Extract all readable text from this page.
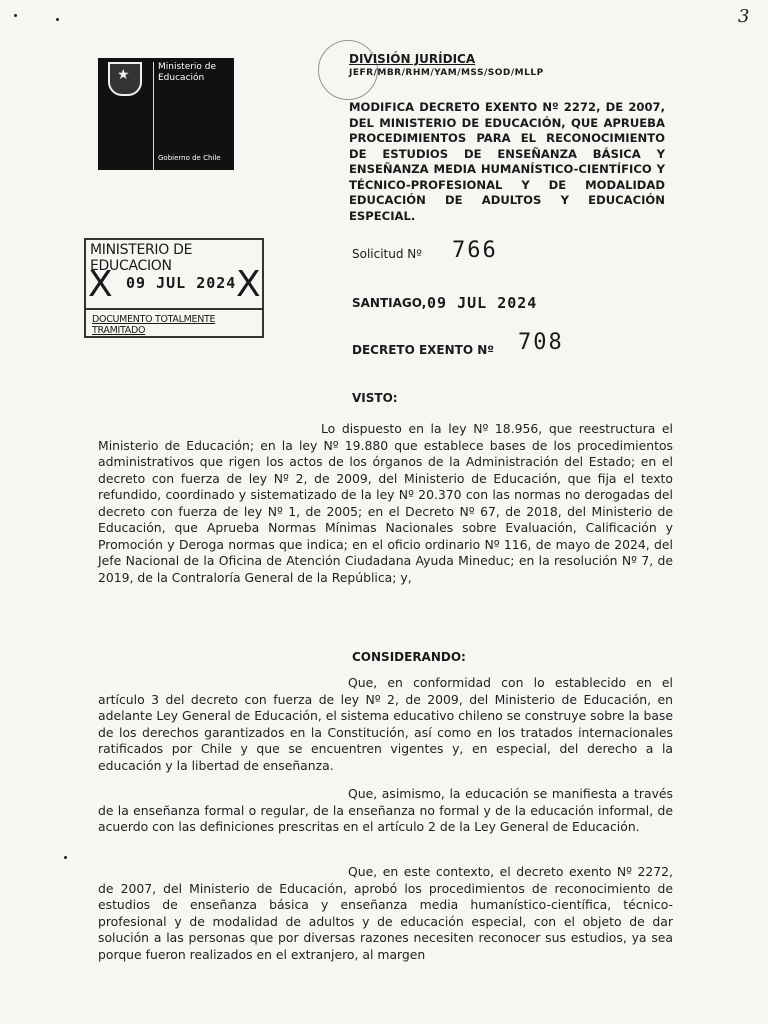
3
★
Ministerio de
Educación
Gobierno de Chile
DIVISIÓN JURÍDICA
JEFR/MBR/RHM/YAM/MSS/SOD/MLLP
MODIFICA DECRETO EXENTO Nº 2272, DE 2007, DEL MINISTERIO DE EDUCACIÓN, QUE APRUEBA PROCEDIMIENTOS PARA EL RECONOCIMIENTO DE ESTUDIOS DE ENSEÑANZA BÁSICA Y ENSEÑANZA MEDIA HUMANÍSTICO-CIENTÍFICO Y TÉCNICO-PROFESIONAL Y DE MODALIDAD EDUCACIÓN DE ADULTOS Y EDUCACIÓN ESPECIAL.
MINISTERIO DE EDUCACION
X 09 JUL 2024 X
DOCUMENTO TOTALMENTE TRAMITADO
Solicitud Nº 766
SANTIAGO, 09 JUL 2024
DECRETO EXENTO Nº 708
VISTO:
Lo dispuesto en la ley Nº 18.956, que reestructura el Ministerio de Educación; en la ley Nº 19.880 que establece bases de los procedimientos administrativos que rigen los actos de los órganos de la Administración del Estado; en el decreto con fuerza de ley Nº 2, de 2009, del Ministerio de Educación, que fija el texto refundido, coordinado y sistematizado de la ley Nº 20.370 con las normas no derogadas del decreto con fuerza de ley Nº 1, de 2005; en el Decreto Nº 67, de 2018, del Ministerio de Educación, que Aprueba Normas Mínimas Nacionales sobre Evaluación, Calificación y Promoción y Deroga normas que indica; en el oficio ordinario Nº 116, de mayo de 2024, del Jefe Nacional de la Oficina de Atención Ciudadana Ayuda Mineduc; en la resolución Nº 7, de 2019, de la Contraloría General de la República; y,
CONSIDERANDO:
Que, en conformidad con lo establecido en el artículo 3 del decreto con fuerza de ley Nº 2, de 2009, del Ministerio de Educación, en adelante Ley General de Educación, el sistema educativo chileno se construye sobre la base de los derechos garantizados en la Constitución, así como en los tratados internacionales ratificados por Chile y que se encuentren vigentes y, en especial, del derecho a la educación y la libertad de enseñanza.
Que, asimismo, la educación se manifiesta a través de la enseñanza formal o regular, de la enseñanza no formal y de la educación informal, de acuerdo con las definiciones prescritas en el artículo 2 de la Ley General de Educación.
Que, en este contexto, el decreto exento Nº 2272, de 2007, del Ministerio de Educación, aprobó los procedimientos de reconocimiento de estudios de enseñanza básica y enseñanza media humanístico-científica, técnico-profesional y de modalidad de adultos y de educación especial, con el objeto de dar solución a las personas que por diversas razones necesiten reconocer sus estudios, ya sea porque fueron realizados en el extranjero, al margen
